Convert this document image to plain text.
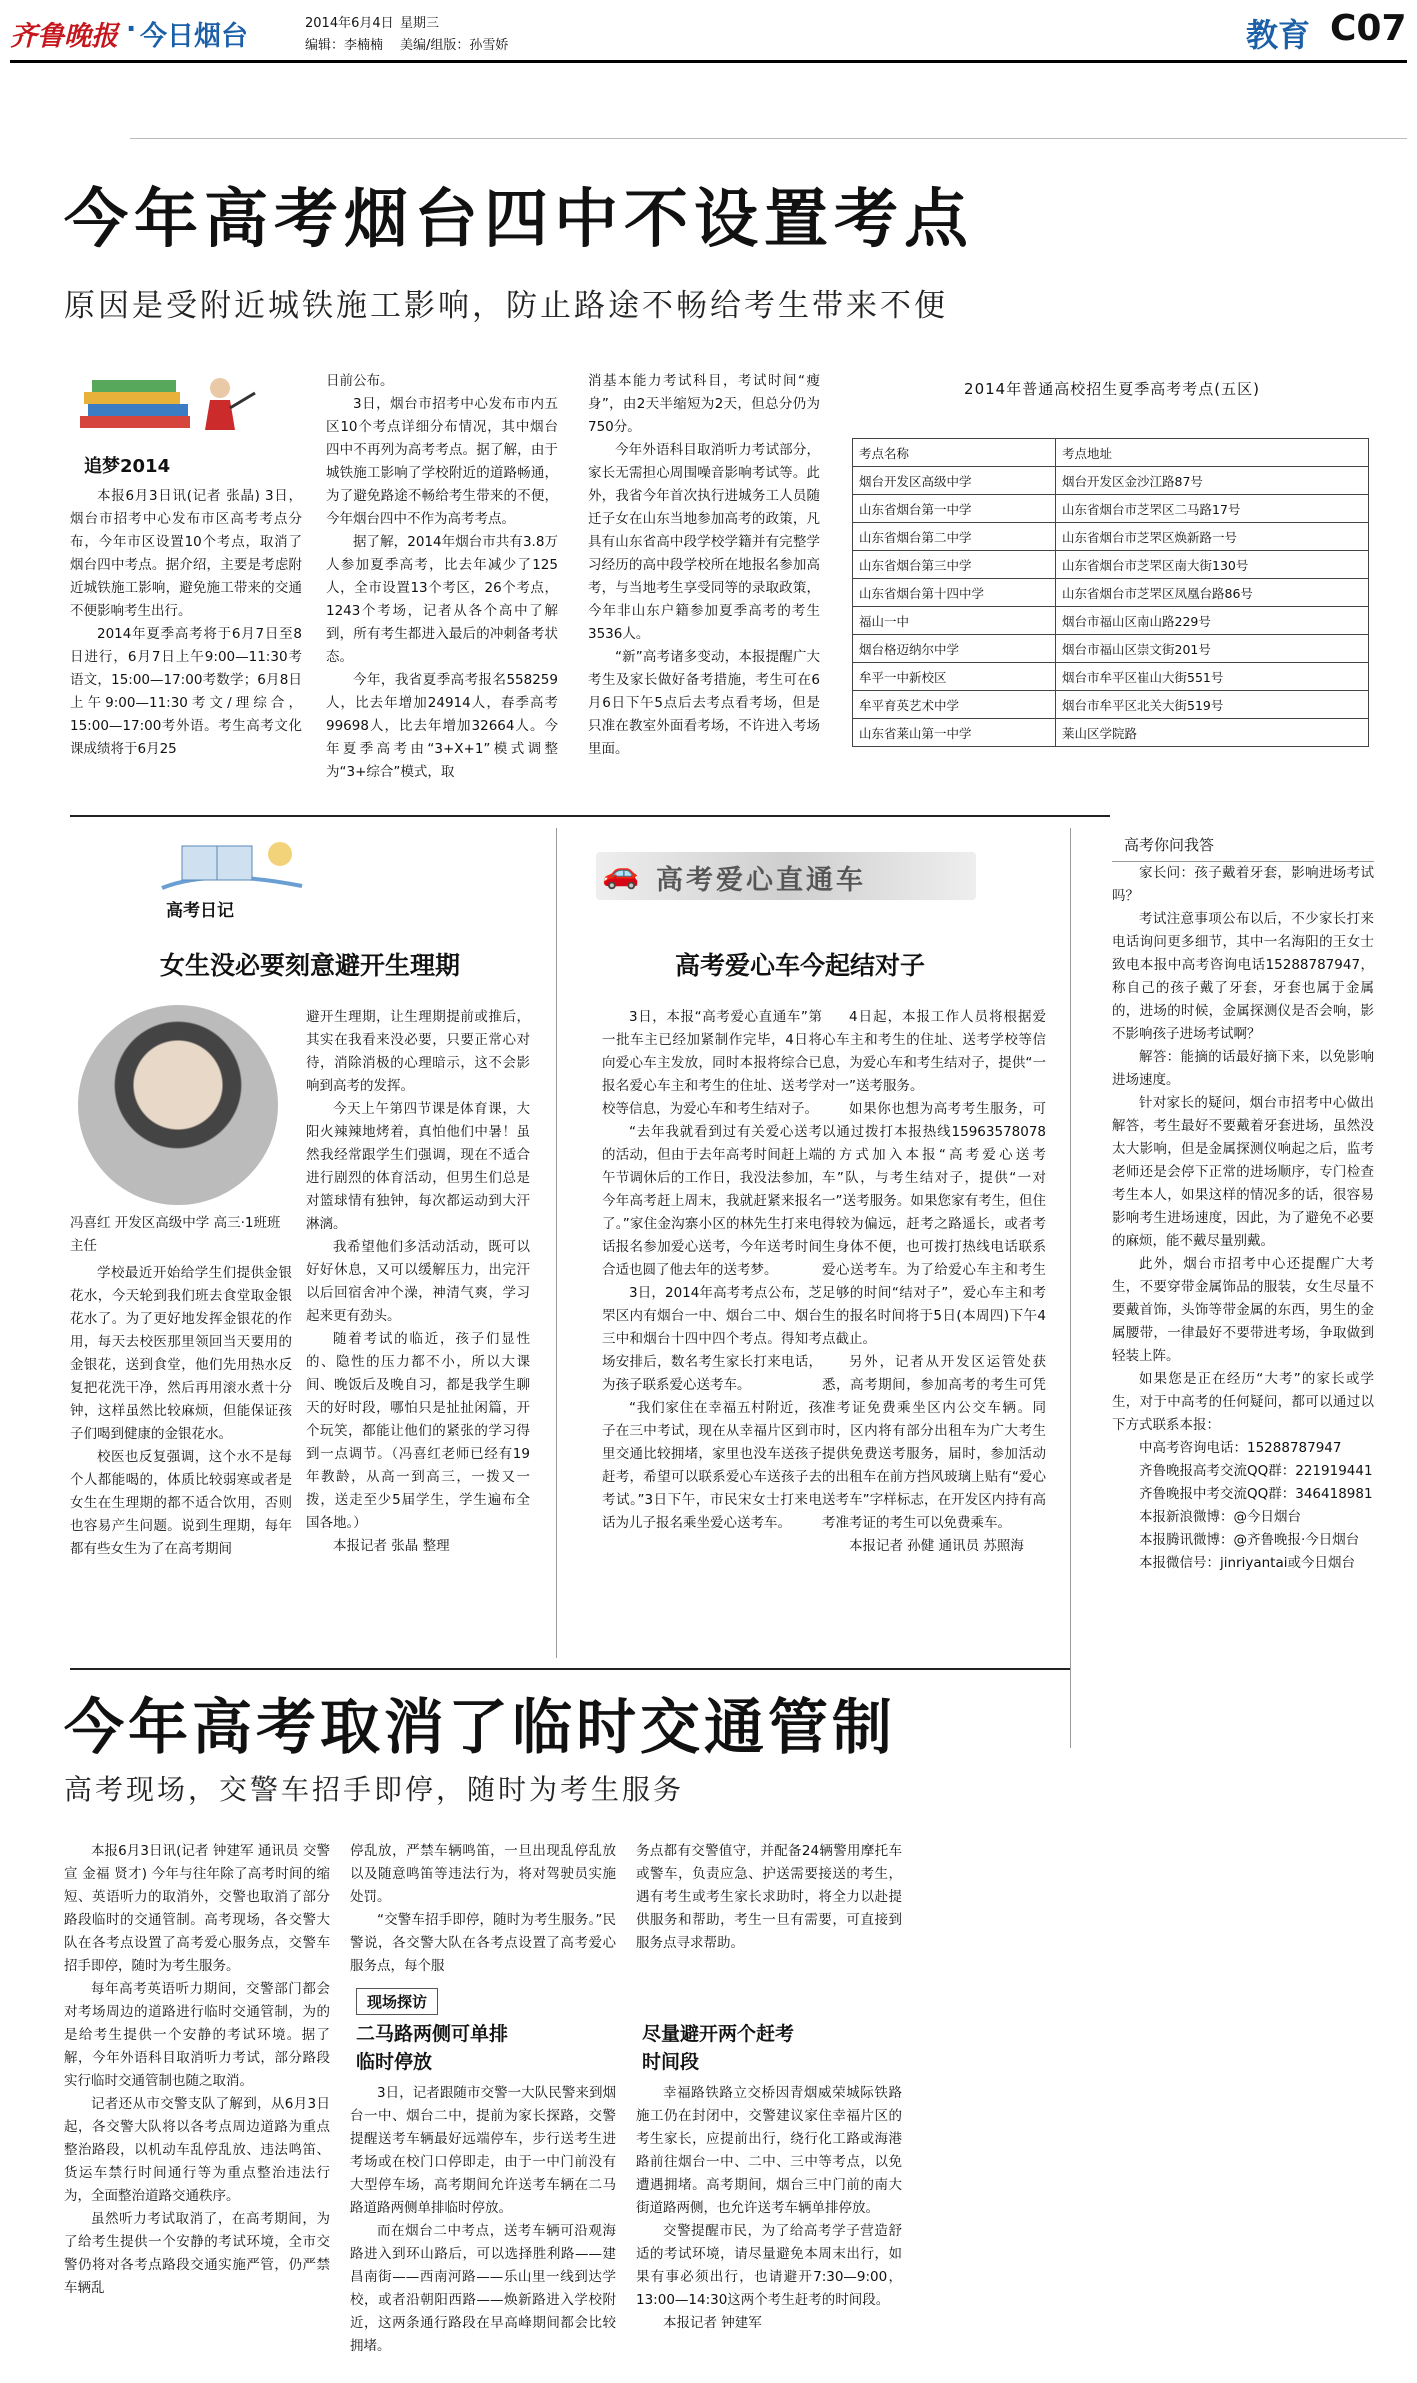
齐鲁晚报 · 今日烟台	2014年6月4日 星期三
编辑：李楠楠 美编/组版：孙雪娇	教育 C07
今年高考烟台四中不设置考点
原因是受附近城铁施工影响，防止路途不畅给考生带来不便
追梦2014

本报6月3日讯(记者 张晶) 3日，烟台市招考中心发布市区高考考点分布，今年市区设置10个考点，取消了烟台四中考点。据介绍，主要是考虑附近城铁施工影响，避免施工带来的交通不便影响考生出行。

2014年夏季高考将于6月7日至8日进行，6月7日上午9:00—11:30考语文，15:00—17:00考数学；6月8日上午9:00—11:30考文/理综合，15:00—17:00考外语。考生高考文化课成绩将于6月25

日前公布。

3日，烟台市招考中心发布市内五区10个考点详细分布情况，其中烟台四中不再列为高考考点。据了解，由于城铁施工影响了学校附近的道路畅通，为了避免路途不畅给考生带来的不便，今年烟台四中不作为高考考点。

据了解，2014年烟台市共有3.8万人参加夏季高考，比去年减少了125人，全市设置13个考区，26个考点，1243个考场，记者从各个高中了解到，所有考生都进入最后的冲刺备考状态。

今年，我省夏季高考报名558259人，比去年增加24914人，春季高考99698人，比去年增加32664人。今年夏季高考由“3+X+1”模式调整为“3+综合”模式，取

消基本能力考试科目，考试时间“瘦身”，由2天半缩短为2天，但总分仍为750分。

今年外语科目取消听力考试部分，家长无需担心周围噪音影响考试等。此外，我省今年首次执行进城务工人员随迁子女在山东当地参加高考的政策，凡具有山东省高中段学校学籍并有完整学习经历的高中段学校所在地报名参加高考，与当地考生享受同等的录取政策，今年非山东户籍参加夏季高考的考生3536人。

“新”高考诸多变动，本报提醒广大考生及家长做好备考措施，考生可在6月6日下午5点后去考点看考场，但是只准在教室外面看考场，不许进入考场里面。

2014年普通高校招生夏季高考考点(五区)
考点名称	考点地址
烟台开发区高级中学	烟台开发区金沙江路87号
山东省烟台第一中学	山东省烟台市芝罘区二马路17号
山东省烟台第二中学	山东省烟台市芝罘区焕新路一号
山东省烟台第三中学	山东省烟台市芝罘区南大街130号
山东省烟台第十四中学	山东省烟台市芝罘区凤凰台路86号
福山一中	烟台市福山区南山路229号
烟台格迈纳尔中学	烟台市福山区崇文街201号
牟平一中新校区	烟台市牟平区崔山大街551号
牟平育英艺术中学	烟台市牟平区北关大街519号
山东省莱山第一中学	莱山区学院路
高考日记
女生没必要刻意避开生理期
冯喜红 开发区高级中学 高三·1班班主任

学校最近开始给学生们提供金银花水，今天轮到我们班去食堂取金银花水了。为了更好地发挥金银花的作用，每天去校医那里领回当天要用的金银花，送到食堂，他们先用热水反复把花洗干净，然后再用滚水煮十分钟，这样虽然比较麻烦，但能保证孩子们喝到健康的金银花水。

校医也反复强调，这个水不是每个人都能喝的，体质比较弱寒或者是女生在生理期的都不适合饮用，否则也容易产生问题。说到生理期，每年都有些女生为了在高考期间

避开生理期，让生理期提前或推后，其实在我看来没必要，只要正常心对待，消除消极的心理暗示，这不会影响到高考的发挥。

今天上午第四节课是体育课，大阳火辣辣地烤着，真怕他们中暑！虽然我经常跟学生们强调，现在不适合进行剧烈的体育活动，但男生们总是对篮球情有独钟，每次都运动到大汗淋漓。

我希望他们多活动活动，既可以好好休息，又可以缓解压力，出完汗以后回宿舍冲个澡，神清气爽，学习起来更有劲头。

随着考试的临近，孩子们显性的、隐性的压力都不小，所以大课间、晚饭后及晚自习，都是我学生聊天的好时段，哪怕只是扯扯闲篇，开个玩笑，都能让他们的紧张的学习得到一点调节。（冯喜红老师已经有19年教龄，从高一到高三，一拨又一拨，送走至少5届学生，学生遍布全国各地。）

本报记者 张晶 整理

🚗 高考爱心直通车
高考爱心车今起结对子

3日，本报“高考爱心直通车”第一批车主已经加紧制作完毕，4日将向爱心车主发放，同时本报将综合已报名爱心车主和考生的住址、送考学校等信息，为爱心车和考生结对子。

“去年我就看到过有关爱心送考的活动，但由于去年高考时间赶上端午节调休后的工作日，我没法参加，今年高考赶上周末，我就赶紧来报名了。”家住金沟寨小区的林先生打来电话报名参加爱心送考，今年送考时间合适也圆了他去年的送考梦。

3日，2014年高考考点公布，芝罘区内有烟台一中、烟台二中、烟台三中和烟台十四中四个考点。得知考场安排后，数名考生家长打来电话，为孩子联系爱心送考车。

“我们家住在幸福五村附近，孩子在三中考试，现在从幸福片区到市里交通比较拥堵，家里也没车送孩子赶考，希望可以联系爱心车送孩子去考试。”3日下午，市民宋女士打来电话为儿子报名乘坐爱心送考车。

4日起，本报工作人员将根据爱心车主和考生的住址、送考学校等信息，为爱心车和考生结对子，提供“一对一”送考服务。

如果你也想为高考考生服务，可以通过拨打本报热线15963578078的方式加入本报“高考爱心送考车”队，与考生结对子，提供“一对一”送考服务。如果您家有考生，但住得较为偏远，赶考之路遥长，或者考生身体不便，也可拨打热线电话联系爱心送考车。为了给爱心车主和考生足够的时间“结对子”，爱心车主和考生的报名时间将于5日(本周四)下午4点截止。

另外，记者从开发区运管处获悉，高考期间，参加高考的考生可凭准考证免费乘坐区内公交车辆。同时，区内将有部分出租车为广大考生提供免费送考服务，届时，参加活动的出租车在前方挡风玻璃上贴有“爱心送考车”字样标志，在开发区内持有高考准考证的考生可以免费乘车。

本报记者 孙健 通讯员 苏照海

高考你问我答

家长问：孩子戴着牙套，影响进场考试吗？

考试注意事项公布以后，不少家长打来电话询问更多细节，其中一名海阳的王女士致电本报中高考咨询电话15288787947，称自己的孩子戴了牙套，牙套也属于金属的，进场的时候，金属探测仪是否会响，影不影响孩子进场考试啊？

解答：能摘的话最好摘下来，以免影响进场速度。

针对家长的疑问，烟台市招考中心做出解答，考生最好不要戴着牙套进场，虽然没太大影响，但是金属探测仪响起之后，监考老师还是会停下正常的进场顺序，专门检查考生本人，如果这样的情况多的话，很容易影响考生进场速度，因此，为了避免不必要的麻烦，能不戴尽量别戴。

此外，烟台市招考中心还提醒广大考生，不要穿带金属饰品的服装，女生尽量不要戴首饰，头饰等带金属的东西，男生的金属腰带，一律最好不要带进考场，争取做到轻装上阵。

如果您是正在经历“大考”的家长或学生，对于中高考的任何疑问，都可以通过以下方式联系本报：

中高考咨询电话：15288787947

齐鲁晚报高考交流QQ群：221919441

齐鲁晚报中考交流QQ群：346418981

本报新浪微博：@今日烟台

本报腾讯微博：@齐鲁晚报·今日烟台

本报微信号：jinriyantai或今日烟台

今年高考取消了临时交通管制
高考现场，交警车招手即停，随时为考生服务

本报6月3日讯(记者 钟建军 通讯员 交警宣 金福 贤才) 今年与往年除了高考时间的缩短、英语听力的取消外，交警也取消了部分路段临时的交通管制。高考现场，各交警大队在各考点设置了高考爱心服务点，交警车招手即停，随时为考生服务。

每年高考英语听力期间，交警部门都会对考场周边的道路进行临时交通管制，为的是给考生提供一个安静的考试环境。据了解，今年外语科目取消听力考试，部分路段实行临时交通管制也随之取消。

记者还从市交警支队了解到，从6月3日起，各交警大队将以各考点周边道路为重点整治路段，以机动车乱停乱放、违法鸣笛、货运车禁行时间通行等为重点整治违法行为，全面整治道路交通秩序。

虽然听力考试取消了，在高考期间，为了给考生提供一个安静的考试环境，全市交警仍将对各考点路段交通实施严管，仍严禁车辆乱

停乱放，严禁车辆鸣笛，一旦出现乱停乱放以及随意鸣笛等违法行为，将对驾驶员实施处罚。

“交警车招手即停，随时为考生服务。”民警说，各交警大队在各考点设置了高考爱心服务点，每个服

务点都有交警值守，并配备24辆警用摩托车或警车，负责应急、护送需要接送的考生，遇有考生或考生家长求助时，将全力以赴提供服务和帮助，考生一旦有需要，可直接到服务点寻求帮助。

现场探访
二马路两侧可单排临时停放

3日，记者跟随市交警一大队民警来到烟台一中、烟台二中，提前为家长探路，交警提醒送考车辆最好远端停车，步行送考生进考场或在校门口停即走，由于一中门前没有大型停车场，高考期间允许送考车辆在二马路道路两侧单排临时停放。

而在烟台二中考点，送考车辆可沿观海路进入到环山路后，可以选择胜利路——建昌南街——西南河路——乐山里一线到达学校，或者沿朝阳西路——焕新路进入学校附近，这两条通行路段在早高峰期间都会比较拥堵。

尽量避开两个赶考时间段

幸福路铁路立交桥因青烟威荣城际铁路施工仍在封闭中，交警建议家住幸福片区的考生家长，应提前出行，绕行化工路或海港路前往烟台一中、二中、三中等考点，以免遭遇拥堵。高考期间，烟台三中门前的南大街道路两侧，也允许送考车辆单排停放。

交警提醒市民，为了给高考学子营造舒适的考试环境，请尽量避免本周末出行，如果有事必须出行，也请避开7:30—9:00，13:00—14:30这两个考生赶考的时间段。

本报记者 钟建军
